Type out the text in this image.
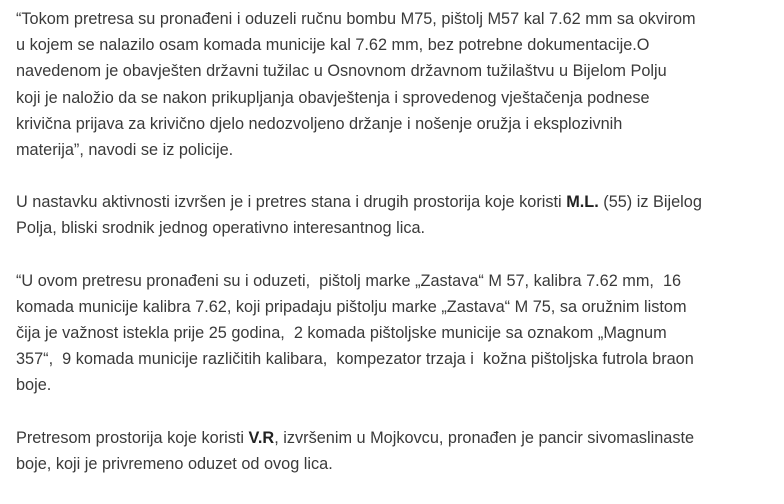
“Tokom pretresa su pronađeni i oduzeli ručnu bombu M75, pištolj M57 kal 7.62 mm sa okvirom
u kojem se nalazilo osam komada municije kal 7.62 mm, bez potrebne dokumentacije.O
navedenom je obavješten državni tužilac u Osnovnom državnom tužilaštvu u Bijelom Polju
koji je naložio da se nakon prikupljanja obavještenja i sprovedenog vještačenja podnese
krivična prijava za krivično djelo nedozvoljeno držanje i nošenje oružja i eksplozivnih
materija”, navodi se iz policije.

U nastavku aktivnosti izvršen je i pretres stana i drugih prostorija koje koristi M.L. (55) iz Bijelog
Polja, bliski srodnik jednog operativno interesantnog lica.

“U ovom pretresu pronađeni su i oduzeti,  pištolj marke „Zastava“ M 57, kalibra 7.62 mm,  16
komada municije kalibra 7.62, koji pripadaju pištolju marke „Zastava“ M 75, sa oružnim listom
čija je važnost istekla prije 25 godina,  2 komada pištoljske municije sa oznakom „Magnum
357“,  9 komada municije različitih kalibara,  kompezator trzaja i  kožna pištoljska futrola braon
boje.

Pretresom prostorija koje koristi V.R, izvršenim u Mojkovcu, pronađen je pancir sivomaslinaste
boje, koji je privremeno oduzet od ovog lica.
